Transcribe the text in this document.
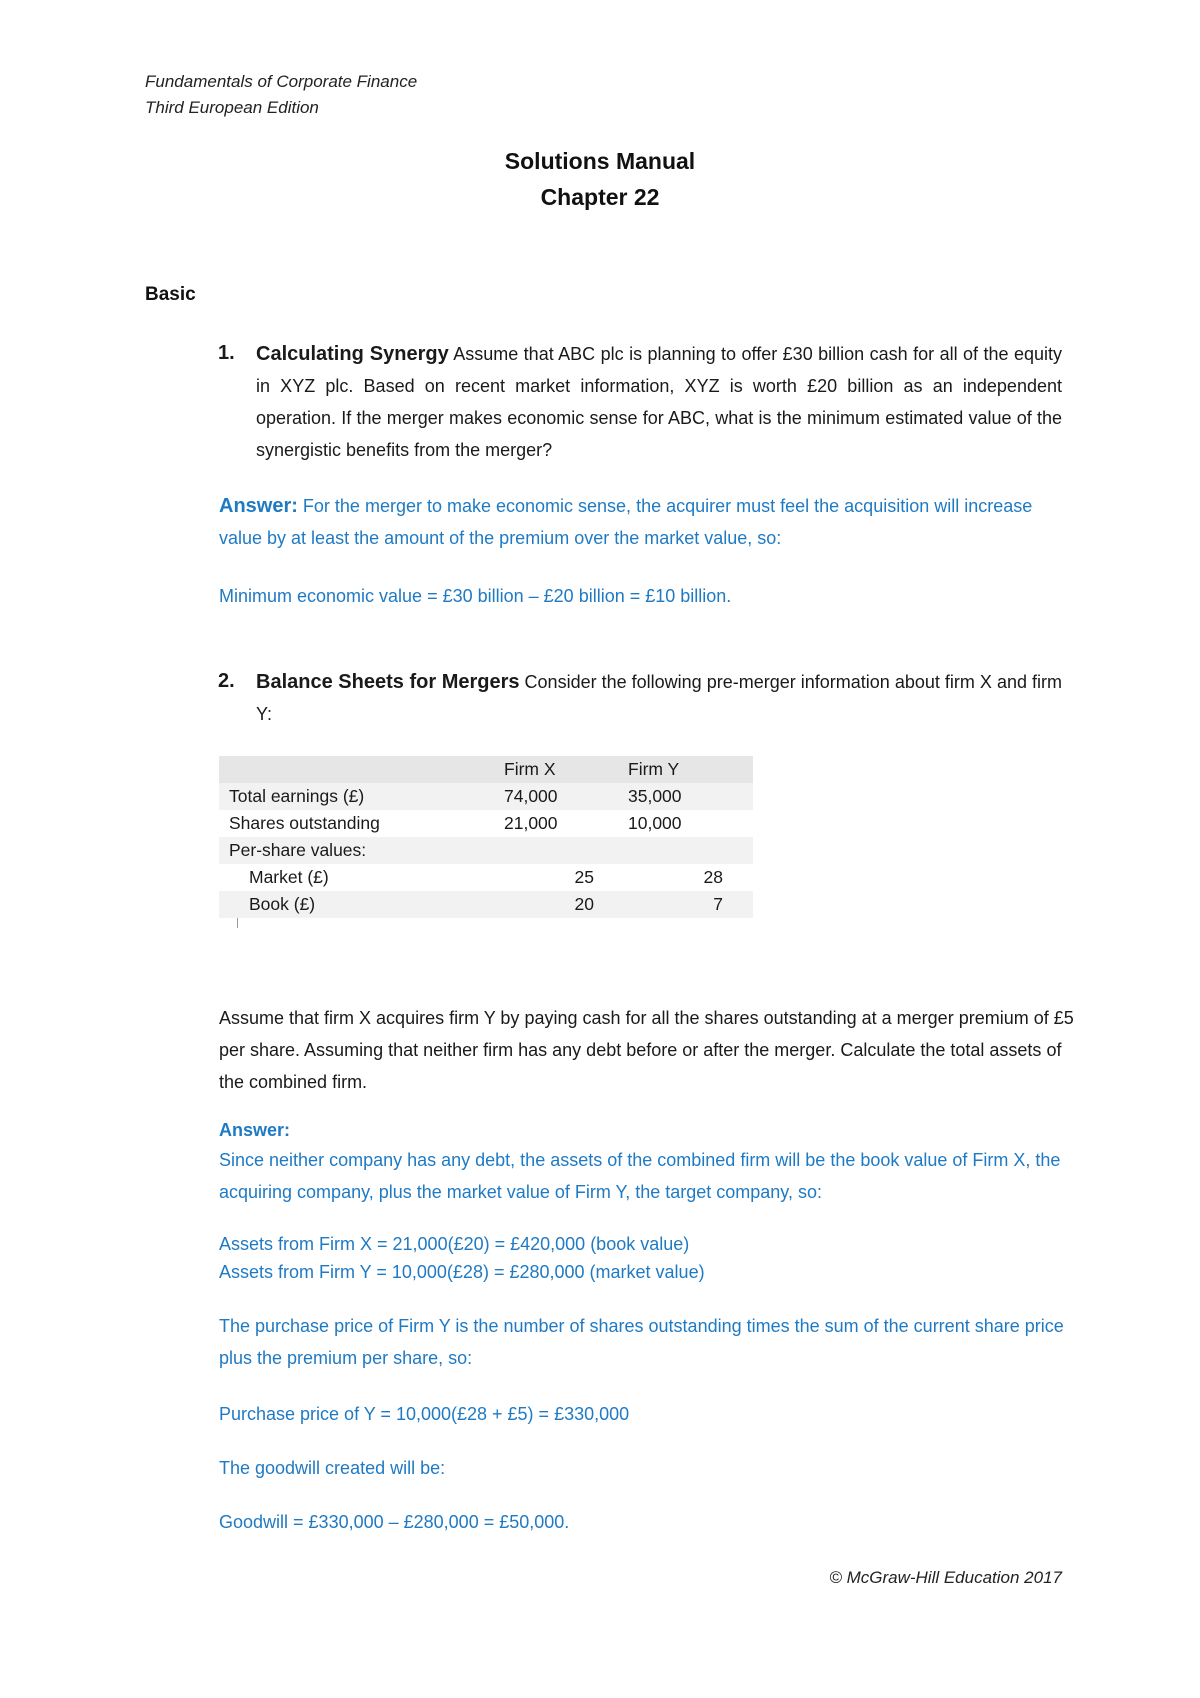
Fundamentals of Corporate Finance
Third European Edition
Solutions Manual
Chapter 22
Basic
1. Calculating Synergy Assume that ABC plc is planning to offer £30 billion cash for all of the equity in XYZ plc. Based on recent market information, XYZ is worth £20 billion as an independent operation. If the merger makes economic sense for ABC, what is the minimum estimated value of the synergistic benefits from the merger?
Answer: For the merger to make economic sense, the acquirer must feel the acquisition will increase value by at least the amount of the premium over the market value, so:
Minimum economic value = £30 billion – £20 billion = £10 billion.
2. Balance Sheets for Mergers Consider the following pre-merger information about firm X and firm Y:
	Firm X	Firm Y
Total earnings (£)	74,000	35,000
Shares outstanding	21,000	10,000
Per-share values:		
Market (£)	25	28
Book (£)	20	7
Assume that firm X acquires firm Y by paying cash for all the shares outstanding at a merger premium of £5 per share. Assuming that neither firm has any debt before or after the merger. Calculate the total assets of the combined firm.
Answer:
Since neither company has any debt, the assets of the combined firm will be the book value of Firm X, the acquiring company, plus the market value of Firm Y, the target company, so:
Assets from Firm X = 21,000(£20) = £420,000 (book value)
Assets from Firm Y = 10,000(£28) = £280,000 (market value)
The purchase price of Firm Y is the number of shares outstanding times the sum of the current share price plus the premium per share, so:
Purchase price of Y = 10,000(£28 + £5) = £330,000
The goodwill created will be:
Goodwill = £330,000 – £280,000 = £50,000.
© McGraw-Hill Education 2017
